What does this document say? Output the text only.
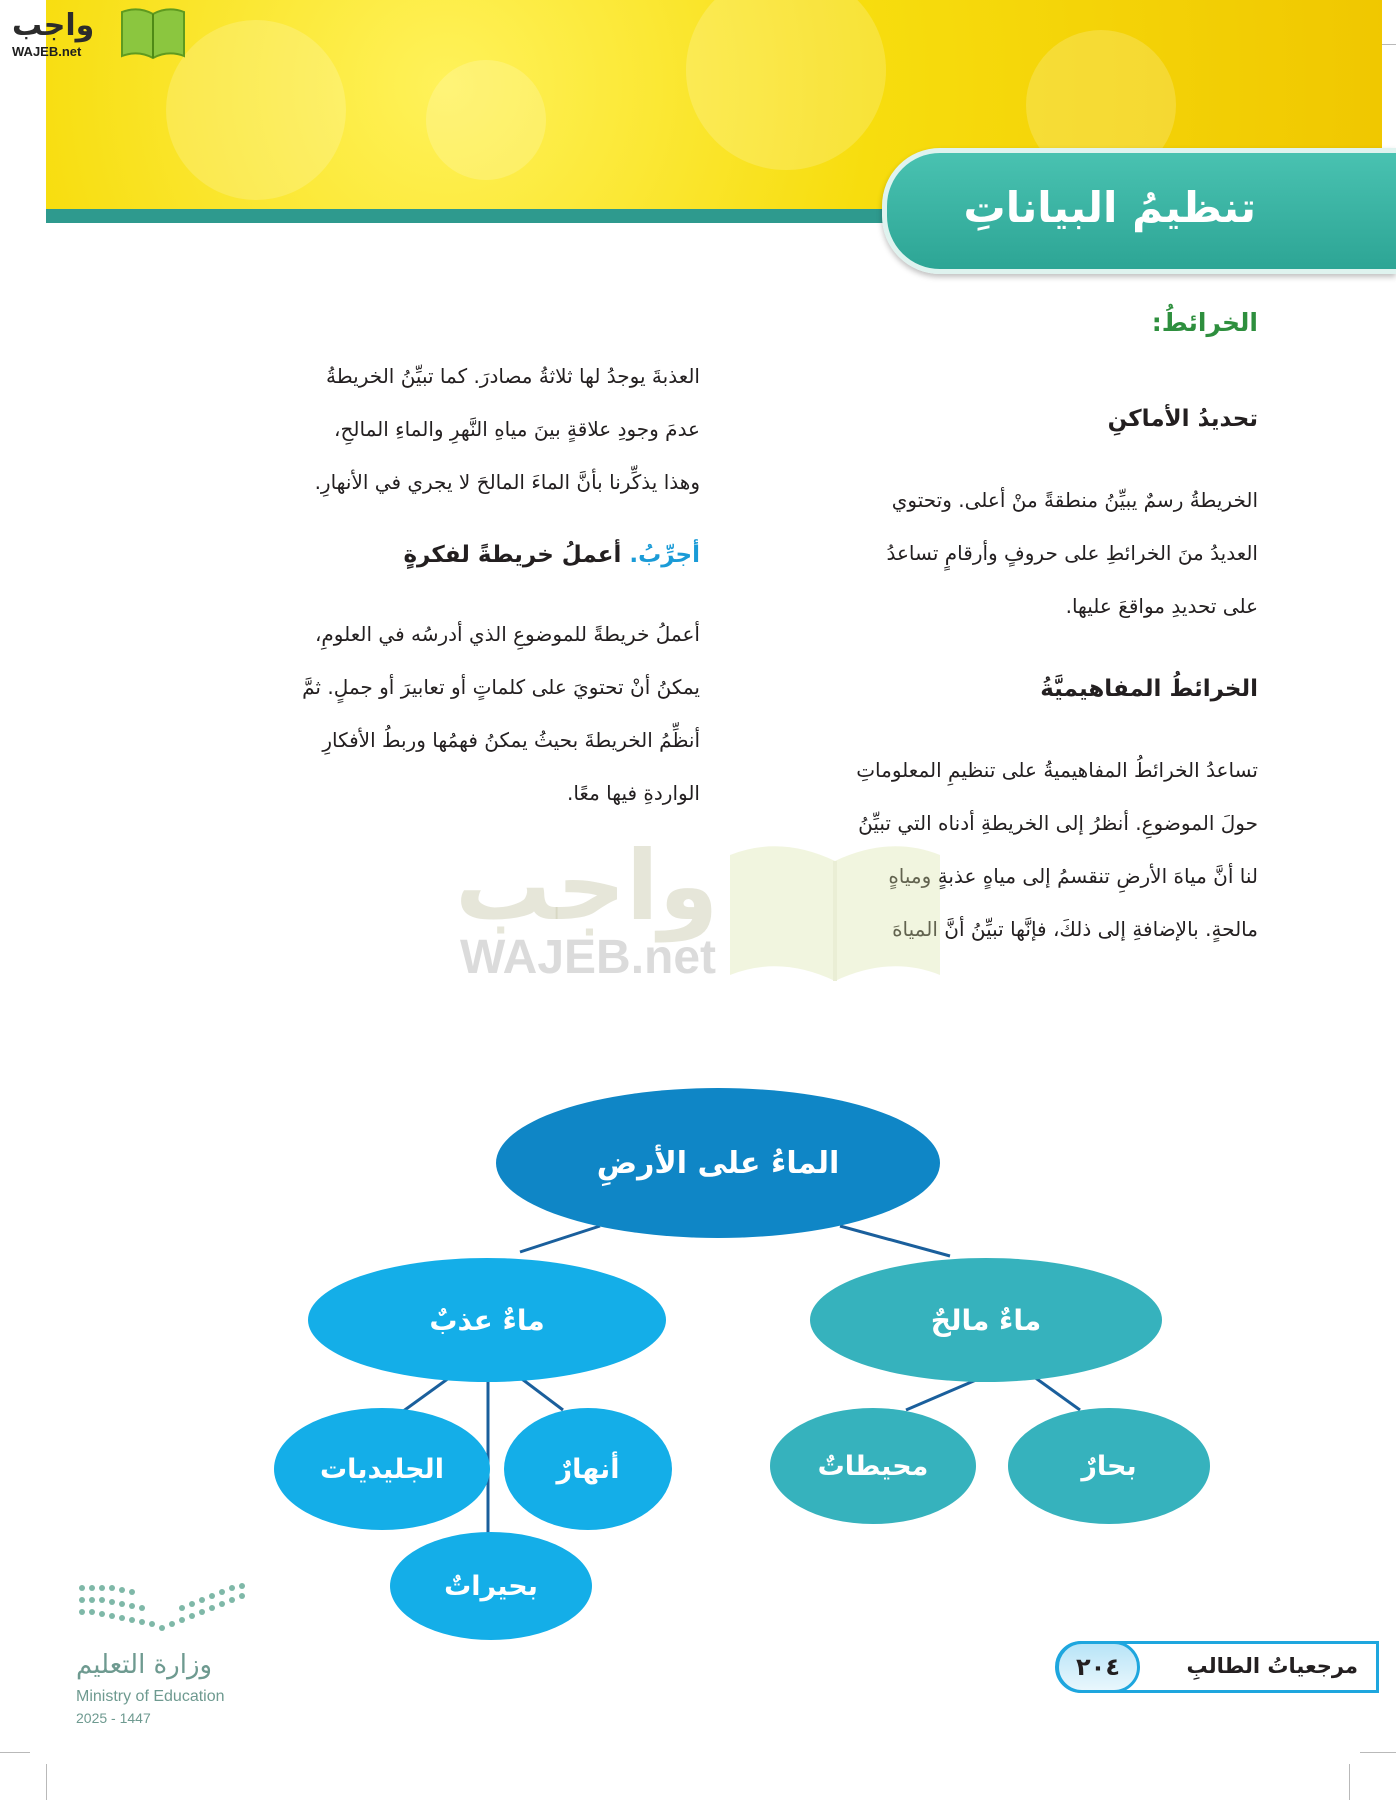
تنظيمُ البياناتِ
واجب
WAJEB.net
الخرائطُ:
تحديدُ الأماكنِ
الخريطةُ رسمٌ يبيِّنُ منطقةً منْ أعلى. وتحتوي
العديدُ منَ الخرائطِ على حروفٍ وأرقامٍ تساعدُ
على تحديدِ مواقعَ عليها.
الخرائطُ المفاهيميَّةُ
تساعدُ الخرائطُ المفاهيميةُ على تنظيمِ المعلوماتِ
حولَ الموضوعِ. أنظرُ إلى الخريطةِ أدناه التي تبيِّنُ
لنا أنَّ مياهَ الأرضِ تنقسمُ إلى مياهٍ عذبةٍ ومياهٍ
مالحةٍ. بالإضافةِ إلى ذلكَ، فإنَّها تبيِّنُ أنَّ المياهَ
العذبةَ يوجدُ لها ثلاثةُ مصادرَ. كما تبيِّنُ الخريطةُ
عدمَ وجودِ علاقةٍ بينَ مياهِ النَّهرِ والماءِ المالحِ،
وهذا يذكِّرنا بأنَّ الماءَ المالحَ لا يجري في الأنهارِ.
أجرِّبُ. أعملُ خريطةً لفكرةٍ
أعملُ خريطةً للموضوعِ الذي أدرسُه في العلومِ،
يمكنُ أنْ تحتويَ على كلماتٍ أو تعابيرَ أو جملٍ. ثمَّ
أنظِّمُ الخريطةَ بحيثُ يمكنُ فهمُها وربطُ الأفكارِ
الواردةِ فيها معًا.
واجب
WAJEB.net
الماءُ على الأرضِ
ماءٌ عذبٌ	ماءٌ مالحٌ
الجليديات	أنهارٌ
بحيراتٌ
محيطاتٌ	بحارٌ
وزارة التعليم
Ministry of Education
2025 - 1447
مرجعياتُ الطالبِ
٢٠٤
